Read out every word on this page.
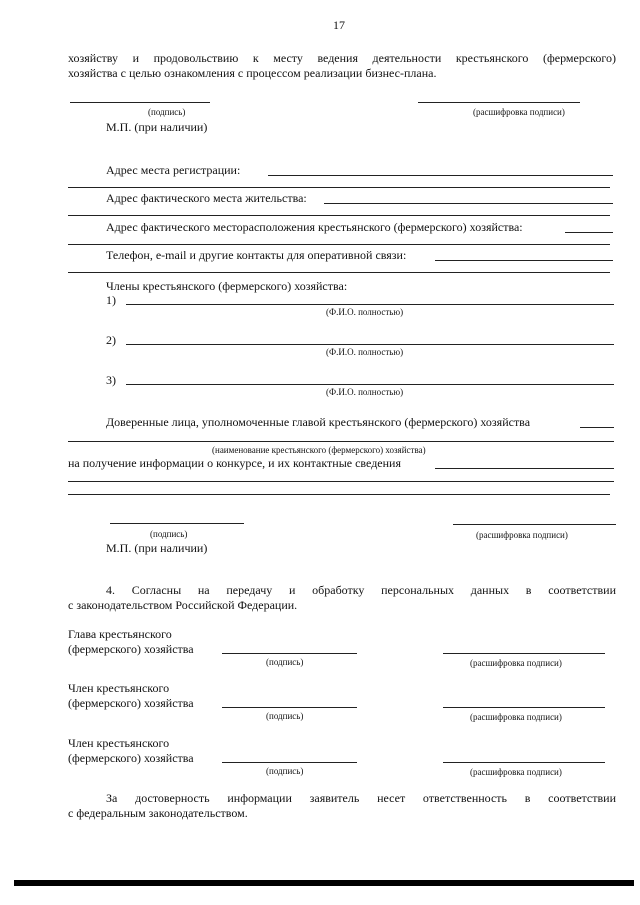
17
хозяйству и продовольствию к месту ведения деятельности крестьянского (фермерского)
хозяйства с целью ознакомления с процессом реализации бизнес-плана.
(подпись)	(расшифровка подписи)
М.П. (при наличии)
Адрес места регистрации:
Адрес фактического места жительства:
Адрес фактического месторасположения крестьянского (фермерского) хозяйства:
Телефон, e-mail и другие контакты для оперативной связи:
Члены крестьянского (фермерского) хозяйства:
1)
(Ф.И.О. полностью)
2)
(Ф.И.О. полностью)
3)
(Ф.И.О. полностью)
Доверенные лица, уполномоченные главой крестьянского (фермерского) хозяйства
(наименование крестьянского (фермерского) хозяйства)
на получение информации о конкурсе, и их контактные сведения
(подпись)	(расшифровка подписи)
М.П. (при наличии)
4. Согласны на передачу и обработку персональных данных в соответствии
с законодательством Российской Федерации.
Глава крестьянского
(фермерского) хозяйства
(подпись)	(расшифровка подписи)
Член крестьянского
(фермерского) хозяйства
(подпись)	(расшифровка подписи)
Член крестьянского
(фермерского) хозяйства
(подпись)	(расшифровка подписи)
За достоверность информации заявитель несет ответственность в соответствии
с федеральным законодательством.
